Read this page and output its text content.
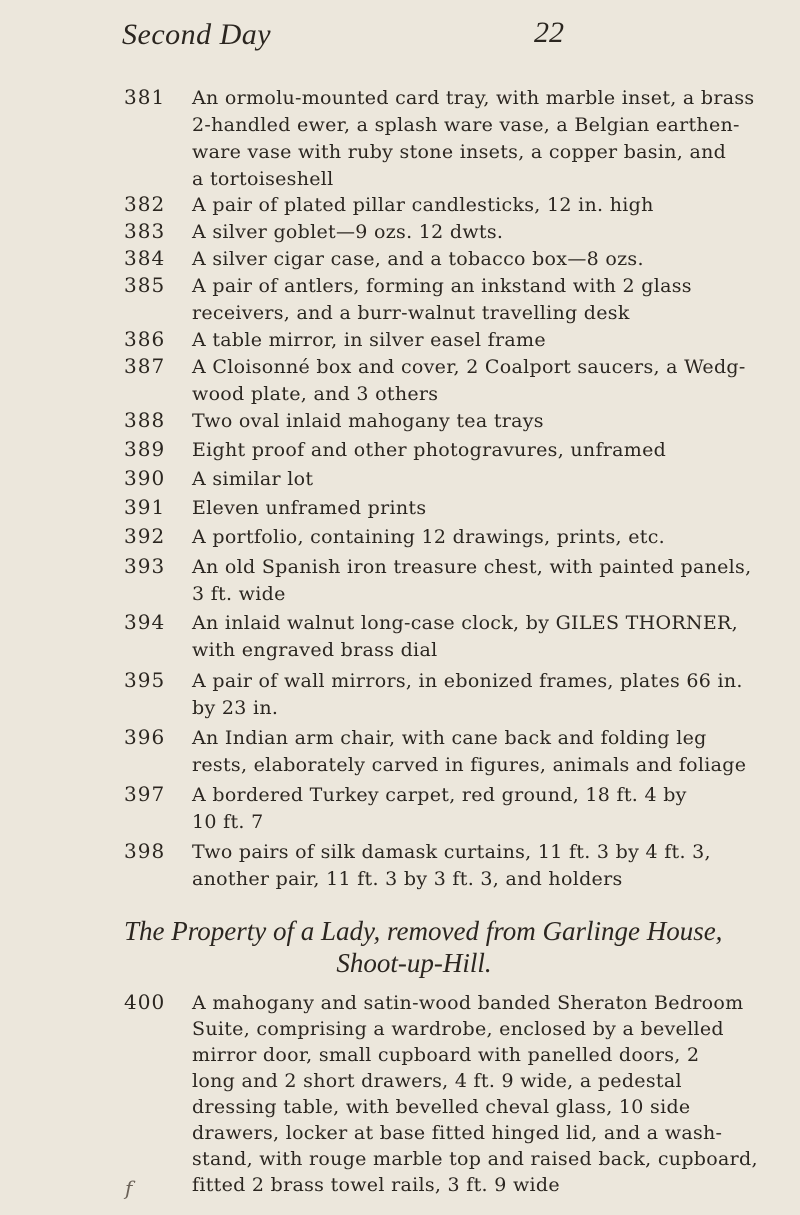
Second Day	22
381 An ormolu-mounted card tray, with marble inset, a brass
2-handled ewer, a splash ware vase, a Belgian earthen-
ware vase with ruby stone insets, a copper basin, and
a tortoiseshell
382 A pair of plated pillar candlesticks, 12 in. high
383 A silver goblet—9 ozs. 12 dwts.
384 A silver cigar case, and a tobacco box—8 ozs.
385 A pair of antlers, forming an inkstand with 2 glass
receivers, and a burr-walnut travelling desk
386 A table mirror, in silver easel frame
387 A Cloisonné box and cover, 2 Coalport saucers, a Wedg-
wood plate, and 3 others
388 Two oval inlaid mahogany tea trays
389 Eight proof and other photogravures, unframed
390 A similar lot
391 Eleven unframed prints
392 A portfolio, containing 12 drawings, prints, etc.
393 An old Spanish iron treasure chest, with painted panels,
3 ft. wide
394 An inlaid walnut long-case clock, by GILES THORNER,
with engraved brass dial
395 A pair of wall mirrors, in ebonized frames, plates 66 in.
by 23 in.
396 An Indian arm chair, with cane back and folding leg
rests, elaborately carved in figures, animals and foliage
397 A bordered Turkey carpet, red ground, 18 ft. 4 by
10 ft. 7
398 Two pairs of silk damask curtains, 11 ft. 3 by 4 ft. 3,
another pair, 11 ft. 3 by 3 ft. 3, and holders
The Property of a Lady, removed from Garlinge House,
Shoot-up-Hill.
400 A mahogany and satin-wood banded Sheraton Bedroom
Suite, comprising a wardrobe, enclosed by a bevelled
mirror door, small cupboard with panelled doors, 2
long and 2 short drawers, 4 ft. 9 wide, a pedestal
dressing table, with bevelled cheval glass, 10 side
drawers, locker at base fitted hinged lid, and a wash-
stand, with rouge marble top and raised back, cupboard,
fitted 2 brass towel rails, 3 ft. 9 wide
f
